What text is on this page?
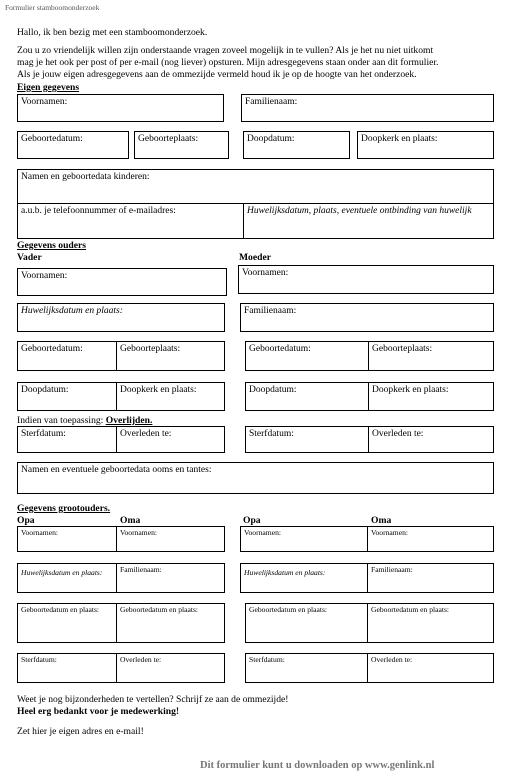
Formulier stamboomonderzoek
Hallo, ik ben bezig met een stamboomonderzoek.
Zou u zo vriendelijk willen zijn onderstaande vragen zoveel mogelijk in te vullen? Als je het nu niet uitkomt
mag je het ook per post of per e-mail (nog liever) opsturen. Mijn adresgegevens staan onder aan dit formulier.
Als je jouw eigen adresgegevens aan de ommezijde vermeld houd ik je op de hoogte van het onderzoek.
Eigen gegevens
Voornamen:	Familienaam:
Geboortedatum:	Geboorteplaats:	Doopdatum:	Doopkerk en plaats:
Namen en geboortedata kinderen:
a.u.b. je telefoonnummer of e-mailadres:	Huwelijksdatum, plaats, eventuele ontbinding van huwelijk
Gegevens ouders
Vader	Moeder
Voornamen:	Voornamen:
Huwelijksdatum en plaats:	Familienaam:
Geboortedatum:	Geboorteplaats:	Geboortedatum:	Geboorteplaats:
Doopdatum:	Doopkerk en plaats:	Doopdatum:	Doopkerk en plaats:
Indien van toepassing: Overlijden.
Sterfdatum:	Overleden te:	Sterfdatum:	Overleden te:
Namen en eventuele geboortedata ooms en tantes:
Gegevens grootouders.
Opa	Oma	Opa	Oma
Voornamen:	Voornamen:	Voornamen:	Voornamen:
Huwelijksdatum en plaats: Familienaam:	Huwelijksdatum en plaats:	Familienaam:
Geboortedatum en plaats:	Geboortedatum en plaats:	Geboortedatum en plaats:	Geboortedatum en plaats:
Sterfdatum:	Overleden te:	Sterfdatum:	Overleden te:
Weet je nog bijzonderheden te vertellen? Schrijf ze aan de ommezijde!
Heel erg bedankt voor je medewerking!
Zet hier je eigen adres en e-mail!
Dit formulier kunt u downloaden op www.genlink.nl
